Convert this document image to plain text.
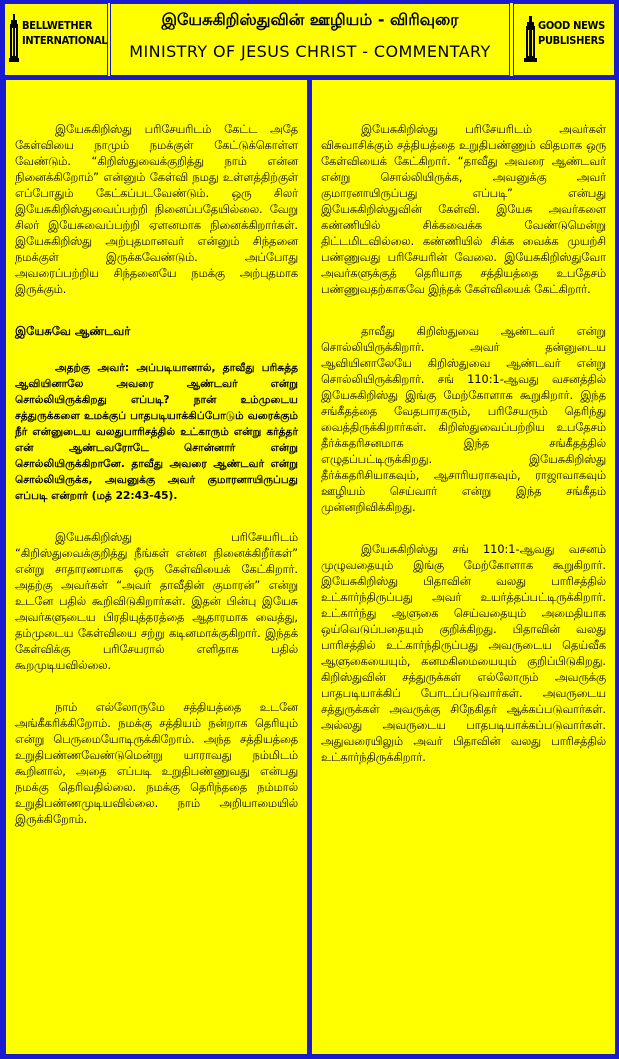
BELLWETHER INTERNATIONAL
இயேசுகிறிஸ்துவின் ஊழியம் - விரிவுரை
MINISTRY OF JESUS CHRIST - COMMENTARY
GOOD NEWS PUBLISHERS

இயேசுகிறிஸ்து பரிசேயரிடம் கேட்ட அதே கேள்வியை நாமும் நமக்குள் கேட்டுக்கொள்ள வேண்டும். “கிறிஸ்துவைக்குறித்து நாம் என்ன நினைக்கிறோம்” என்னும் கேள்வி நமது உள்ளத்திற்குள் எப்போதும் கேட்கப்படவேண்டும். ஒரு சிலர் இயேசுகிறிஸ்துவைப்பற்றி நினைப்பதேயில்லை. வேறு சிலர் இயேசுவைப்பற்றி ஏளனமாக நினைக்கிறார்கள். இயேசுகிறிஸ்து அற்புதமானவர் என்னும் சிந்தனை நமக்குள் இருக்கவேண்டும். அப்போது அவரைப்பற்றிய சிந்தனையே நமக்கு அற்புதமாக இருக்கும்.

இயேசுவே ஆண்டவர்

அதற்கு அவர்: அப்படியானால், தாவீது பரிசுத்த ஆவியினாலே அவரை ஆண்டவர் என்று சொல்லியிருக்கிறது எப்படி? நான் உம்முடைய சத்துருக்களை உமக்குப் பாதபடியாக்கிப்போடும் வரைக்கும் நீர் என்னுடைய வலதுபாரிசத்தில் உட்காரும் என்று கர்த்தர் என் ஆண்டவரோடே சொன்னார் என்று சொல்லியிருக்கிறானே. தாவீது அவரை ஆண்டவர் என்று சொல்லியிருக்க, அவனுக்கு அவர் குமாரனாயிருப்பது எப்படி என்றார் (மத் 22:43-45).

இயேசுகிறிஸ்து பரிசேயரிடம் “கிறிஸ்துவைக்குறித்து நீங்கள் என்ன நினைக்கிறீர்கள்” என்று சாதாரணமாக ஒரு கேள்வியைக் கேட்கிறார். அதற்கு அவர்கள் “அவர் தாவீதின் குமாரன்” என்று உடனே பதில் கூறிவிடுகிறார்கள். இதன் பின்பு இயேசு அவர்களுடைய பிரதியுத்தரத்தை ஆதாரமாக வைத்து, தம்முடைய கேள்வியை சற்று கடினமாக்குகிறார். இந்தக் கேள்விக்கு பரிசேயரால் எளிதாக பதில் கூறமுடியவில்லை.

நாம் எல்லோருமே சத்தியத்தை உடனே அங்கீகரிக்கிறோம். நமக்கு சத்தியம் நன்றாக தெரியும் என்று பெருமையோடிருக்கிறோம். அந்த சத்தியத்தை உறுதிபண்ணவேண்டுமென்று யாராவது நம்மிடம் கூறினால், அதை எப்படி உறுதிபண்ணுவது என்பது நமக்கு தெரிவதில்லை. நமக்கு தெரிந்ததை நம்மால் உறுதிபண்ணமுடியவில்லை. நாம் அறியாமையில் இருக்கிறோம்.

இயேசுகிறிஸ்து பரிசேயரிடம் அவர்கள் விசுவாசிக்கும் சத்தியத்தை உறுதிபண்ணும் விதமாக ஒரு கேள்வியைக் கேட்கிறார். “தாவீது அவரை ஆண்டவர் என்று சொல்லியிருக்க, அவனுக்கு அவர் குமாரனாயிருப்பது எப்படி” என்பது இயேசுகிறிஸ்துவின் கேள்வி. இயேசு அவர்களை கண்ணியில் சிக்கவைக்க வேண்டுமென்று திட்டமிடவில்லை. கண்ணியில் சிக்க வைக்க முயற்சி பண்ணுவது பரிசேயரின் வேலை. இயேசுகிறிஸ்துவோ அவர்களுக்குத் தெரியாத சத்தியத்தை உபதேசம் பண்ணுவதற்காகவே இந்தக் கேள்வியைக் கேட்கிறார்.

தாவீது கிறிஸ்துவை ஆண்டவர் என்று சொல்லியிருக்கிறார். அவர் தன்னுடைய ஆவியினாலேயே கிறிஸ்துவை ஆண்டவர் என்று சொல்லியிருக்கிறார். சங் 110:1-ஆவது வசனத்தில் இயேசுகிறிஸ்து இங்கு மேற்கோளாக கூறுகிறார். இந்த சங்கீதத்தை வேதபாரகரும், பரிசேயரும் தெரிந்து வைத்திருக்கிறார்கள். கிறிஸ்துவைப்பற்றிய உபதேசம் தீர்க்கதரிசனமாக இந்த சங்கீதத்தில் எழுதப்பட்டிருக்கிறது. இயேசுகிறிஸ்து தீர்க்கதரிசியாகவும், ஆசாரியராகவும், ராஜாவாகவும் ஊழியம் செய்வார் என்று இந்த சங்கீதம் முன்னறிவிக்கிறது.

இயேசுகிறிஸ்து சங் 110:1-ஆவது வசனம் முழுவதையும் இங்கு மேற்கோளாக கூறுகிறார். இயேசுகிறிஸ்து பிதாவின் வலது பாரிசத்தில் உட்கார்ந்திருப்பது அவர் உயர்த்தப்பட்டிருக்கிறார். உட்கார்ந்து ஆளுகை செய்வதையும் அமைதியாக ஒய்வெடுப்பதையும் குறிக்கிறது. பிதாவின் வலது பாரிசத்தில் உட்கார்ந்திருப்பது அவருடைய தெய்வீக ஆளுகையையும், கனமகிமையையும் குறிப்பிடுகிறது. கிறிஸ்துவின் சத்துருக்கள் எல்லோரும் அவருக்கு பாதபடியாக்கிப் போடப்படுவார்கள். அவருடைய சத்துருக்கள் அவருக்கு சிநேகிதர் ஆக்கப்படுவார்கள். அல்லது அவருடைய பாதபடியாக்கப்படுவார்கள். அதுவரையிலும் அவர் பிதாவின் வலது பாரிசத்தில் உட்கார்ந்திருக்கிறார்.
